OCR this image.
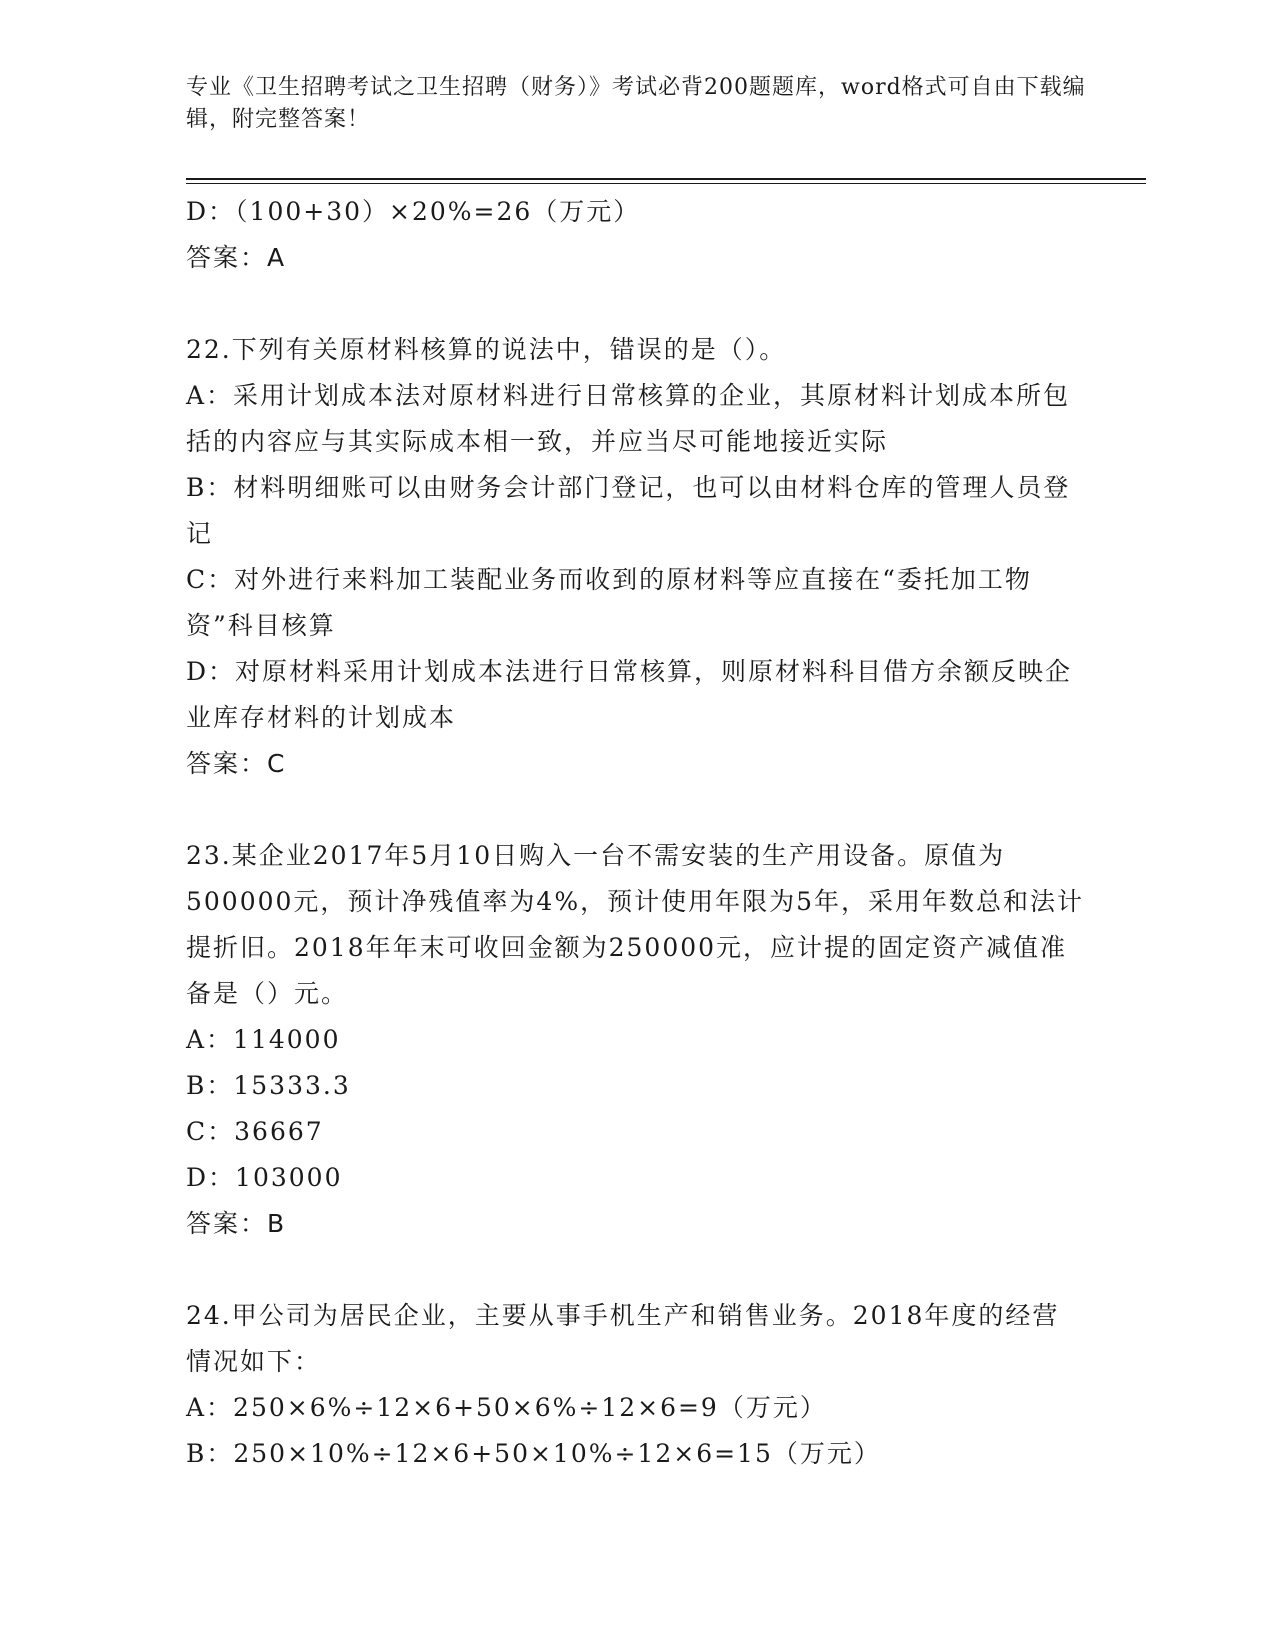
专业《卫生招聘考试之卫生招聘（财务）》考试必背200题题库，word格式可自由下载编辑，附完整答案！

D：（100+30）×20%=26（万元）

答案：A

22.下列有关原材料核算的说法中，错误的是（）。

A：采用计划成本法对原材料进行日常核算的企业，其原材料计划成本所包括的内容应与其实际成本相一致，并应当尽可能地接近实际

B：材料明细账可以由财务会计部门登记，也可以由材料仓库的管理人员登记

C：对外进行来料加工装配业务而收到的原材料等应直接在“委托加工物资”科目核算

D：对原材料采用计划成本法进行日常核算，则原材料科目借方余额反映企业库存材料的计划成本

答案：C

23.某企业2017年5月10日购入一台不需安装的生产用设备。原值为500000元，预计净残值率为4%，预计使用年限为5年，采用年数总和法计提折旧。2018年年末可收回金额为250000元，应计提的固定资产减值准备是（）元。

A：114000

B：15333.3

C：36667

D：103000

答案：B

24.甲公司为居民企业，主要从事手机生产和销售业务。2018年度的经营情况如下：

A：250×6%÷12×6+50×6%÷12×6=9（万元）

B：250×10%÷12×6+50×10%÷12×6=15（万元）
